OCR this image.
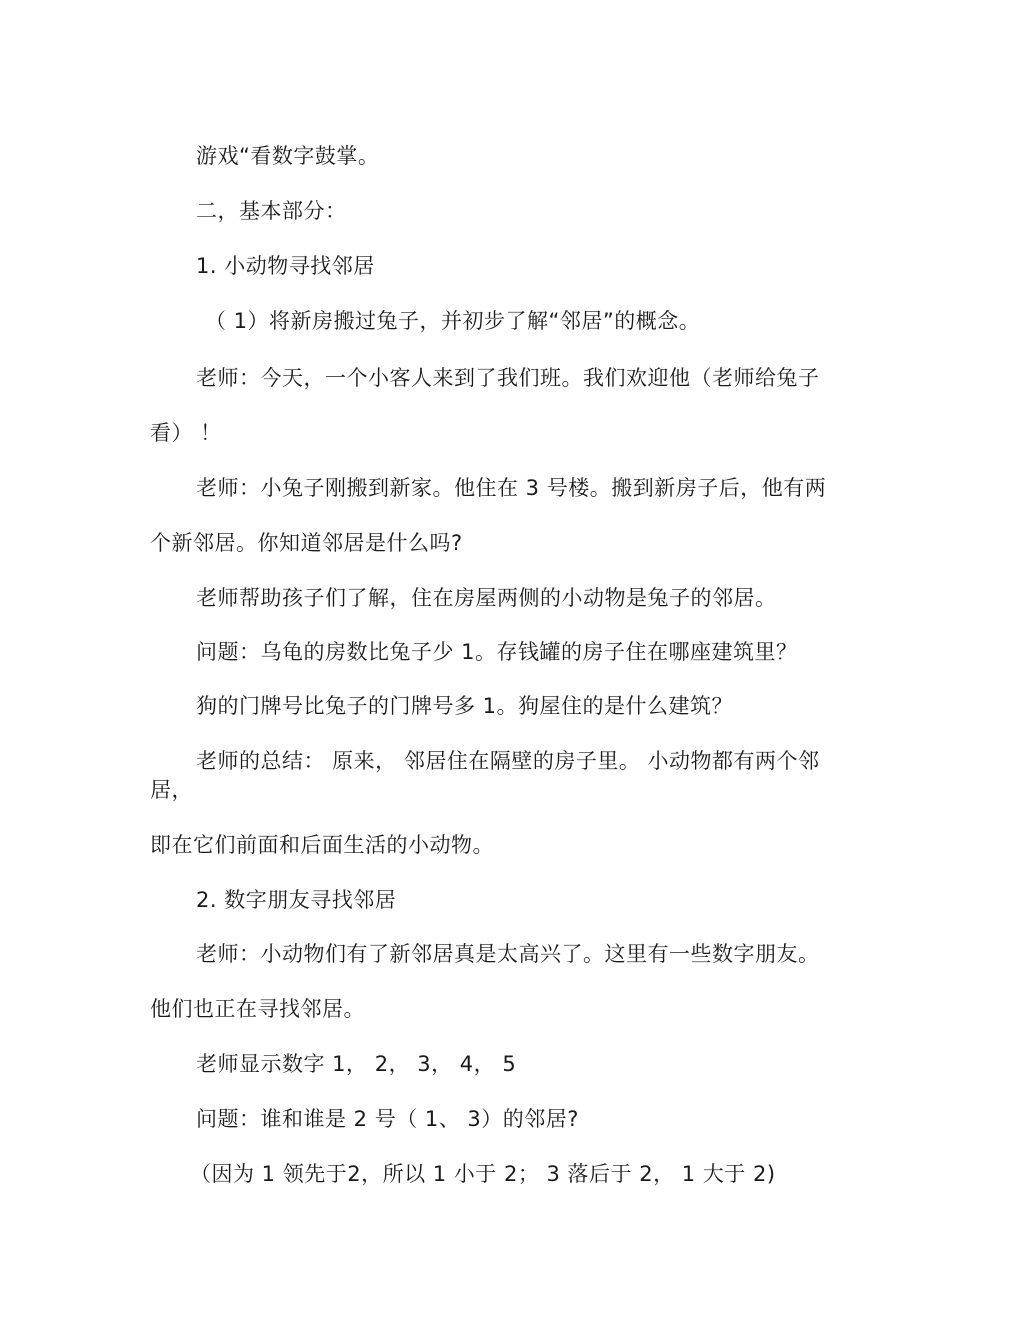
游戏“看数字鼓掌。
二，基本部分：
1. 小动物寻找邻居
（ 1）将新房搬过兔子，并初步了解“邻居”的概念。
老师：今天，一个小客人来到了我们班。我们欢迎他（老师给兔子
看） ！
老师：小兔子刚搬到新家。他住在 3 号楼。搬到新房子后，他有两
个新邻居。你知道邻居是什么吗?
老师帮助孩子们了解，住在房屋两侧的小动物是兔子的邻居。
问题：乌龟的房数比兔子少 1。存钱罐的房子住在哪座建筑里？
狗的门牌号比兔子的门牌号多 1。狗屋住的是什么建筑？
老师的总结： 原来， 邻居住在隔壁的房子里。 小动物都有两个邻
居，
即在它们前面和后面生活的小动物。
2. 数字朋友寻找邻居
老师：小动物们有了新邻居真是太高兴了。这里有一些数字朋友。
他们也正在寻找邻居。
老师显示数字 1， 2， 3， 4， 5
问题：谁和谁是 2 号（ 1、 3）的邻居?
（因为 1 领先于2，所以 1 小于 2； 3 落后于 2， 1 大于 2)
